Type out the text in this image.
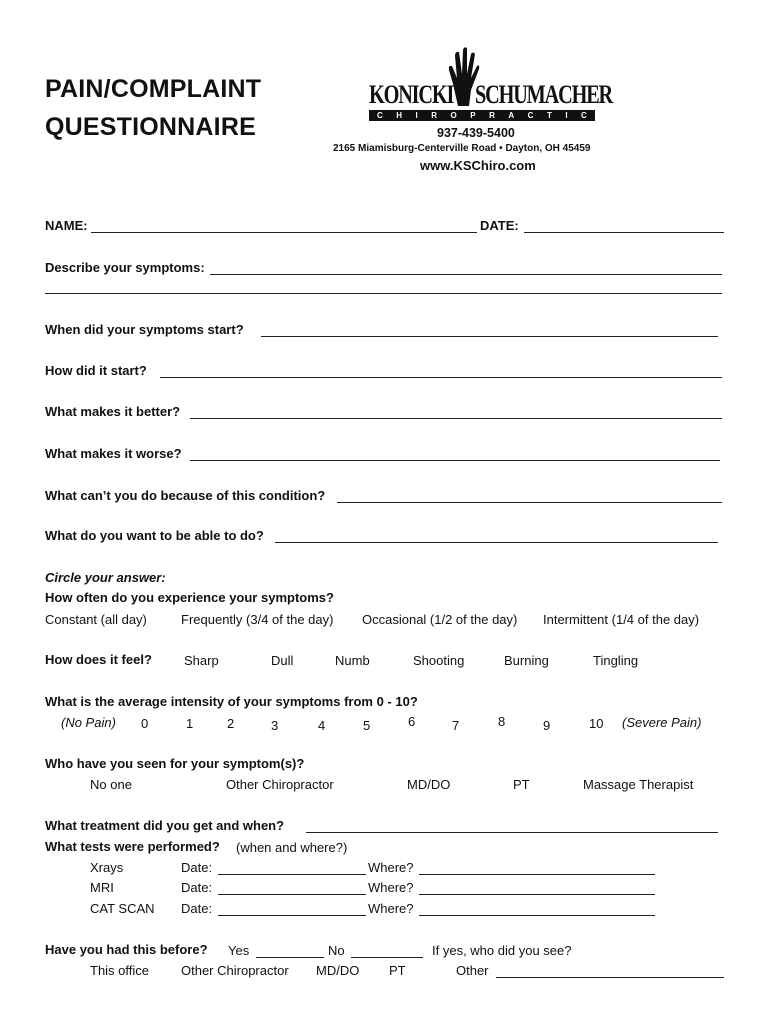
PAIN/COMPLAINT
QUESTIONNAIRE
KONICKI SCHUMACHER
CHIROPRACTIC
937-439-5400
2165 Miamisburg-Centerville Road • Dayton, OH 45459
www.KSChiro.com
NAME:	DATE:
Describe your symptoms:
When did your symptoms start?
How did it start?
What makes it better?
What makes it worse?
What can’t you do because of this condition?
What do you want to be able to do?
Circle your answer:
How often do you experience your symptoms?
Constant (all day)	Frequently (3/4 of the day) Occasional (1/2 of the day) Intermittent (1/4 of the day)
How does it feel? Sharp	Dull	Numb	Shooting	Burning	Tingling
What is the average intensity of your symptoms from 0 - 10?
(No Pain) 0	1	2	3	4	5	6	7	8	9	10 (Severe Pain)
Who have you seen for your symptom(s)?
No one	Other Chiropractor	MD/DO	PT	Massage Therapist
What treatment did you get and when?
What tests were performed? (when and where?)
Xrays	Date:	Where?
MRI	Date:	Where?
CAT SCAN Date:	Where?
Have you had this before? Yes	No	If yes, who did you see?
This office Other Chiropractor MD/DO PT	Other
